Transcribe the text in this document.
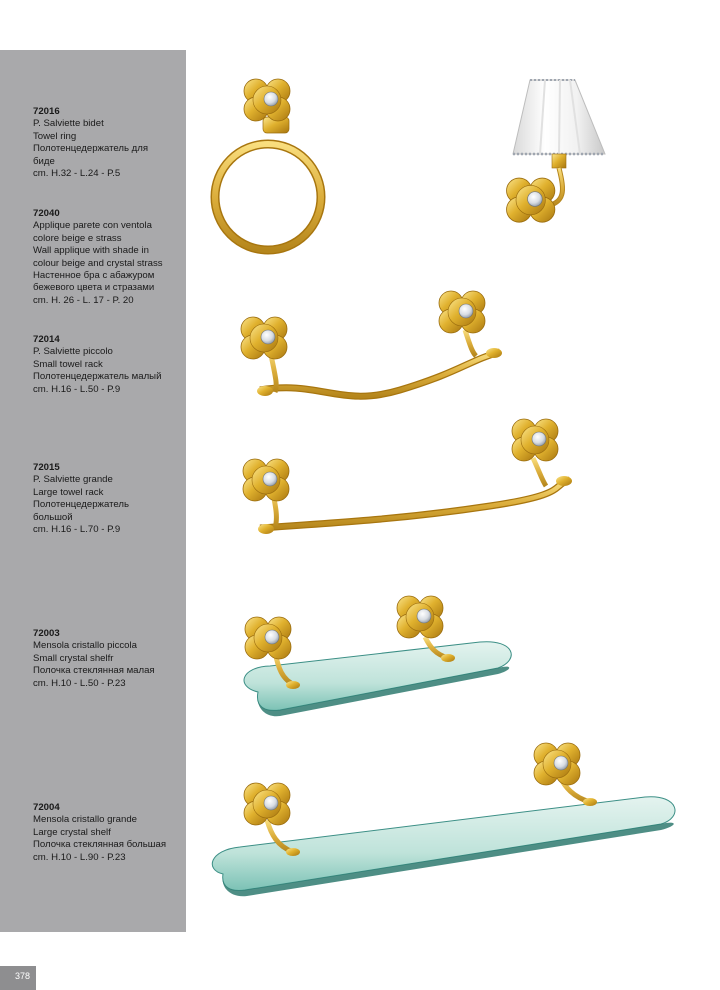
72016
P. Salviette bidet
Towel ring
Полотенцедержатель для
биде
cm. H.32 - L.24 - P.5
72040
Applique parete con ventola
colore beige e strass
Wall applique with shade in
colour beige and crystal strass
Настенное бра с абажуром
бежевого цвета и стразами
cm. H. 26 - L. 17 - P. 20
72014
P. Salviette piccolo
Small towel rack
Полотенцедержатель малый
cm. H.16 - L.50 - P.9
72015
P. Salviette grande
Large towel rack
Полотенцедержатель
большой
cm. H.16 - L.70 - P.9
72003
Mensola cristallo piccola
Small crystal shelfr
Полочка стеклянная малая
cm. H.10 - L.50 - P.23
72004
Mensola cristallo grande
Large crystal shelf
Полочка стеклянная большая
cm. H.10 - L.90 - P.23
378
